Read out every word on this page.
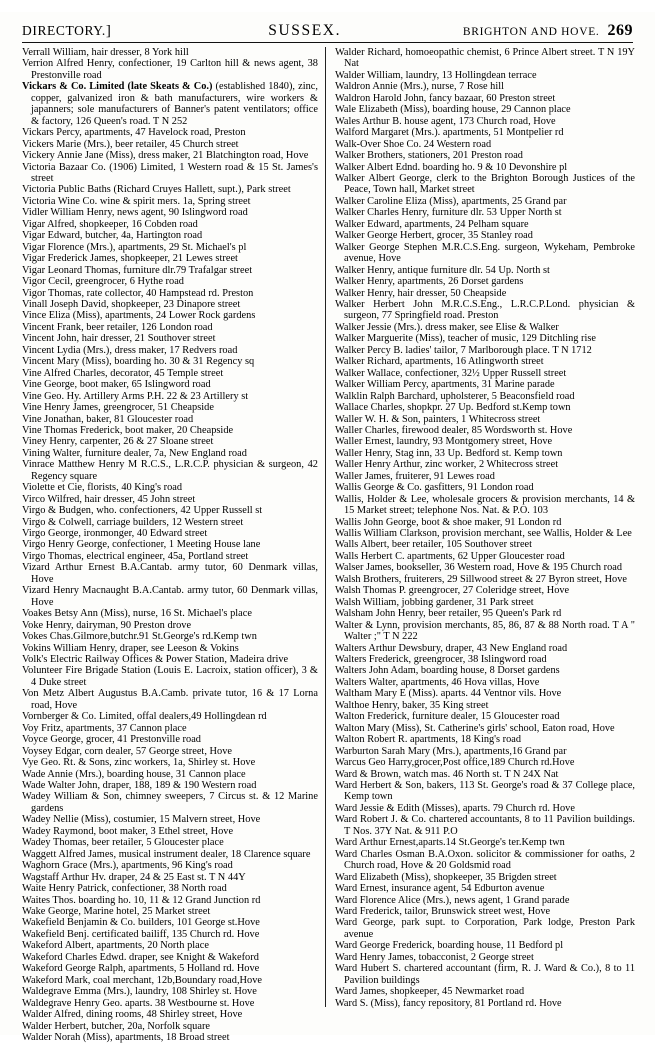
DIRECTORY.]	SUSSEX.	BRIGHTON AND HOVE. 269

Verrall William, hair dresser, 8 York hill

Verrion Alfred Henry, confectioner, 19 Carlton hill & news agent, 38 Prestonville road

Vickars & Co. Limited (late Skeats & Co.) (established 1840), zinc, copper, galvanized iron & bath manufacturers, wire workers & japanners; sole manufacturers of Banner's patent ventilators; office & factory, 126 Queen's road. T N 252

Vickars Percy, apartments, 47 Havelock road, Preston

Vickers Marie (Mrs.), beer retailer, 45 Church street

Vickery Annie Jane (Miss), dress maker, 21 Blatchington road, Hove

Victoria Bazaar Co. (1906) Limited, 1 Western road & 15 St. James's street

Victoria Public Baths (Richard Cruyes Hallett, supt.), Park street

Victoria Wine Co. wine & spirit mers. 1a, Spring street

Vidler William Henry, news agent, 90 Islingword road

Vigar Alfred, shopkeeper, 16 Cobden road

Vigar Edward, butcher, 4a, Hartington road

Vigar Florence (Mrs.), apartments, 29 St. Michael's pl

Vigar Frederick James, shopkeeper, 21 Lewes street

Vigar Leonard Thomas, furniture dlr.79 Trafalgar street

Vigor Cecil, greengrocer, 6 Hythe road

Vigor Thomas, rate collector, 40 Hampstead rd. Preston

Vinall Joseph David, shopkeeper, 23 Dinapore street

Vince Eliza (Miss), apartments, 24 Lower Rock gardens

Vincent Frank, beer retailer, 126 London road

Vincent John, hair dresser, 21 Southover street

Vincent Lydia (Mrs.), dress maker, 17 Redvers road

Vincent Mary (Miss), boarding ho. 30 & 31 Regency sq

Vine Alfred Charles, decorator, 45 Temple street

Vine George, boot maker, 65 Islingword road

Vine Geo. Hy. Artillery Arms P.H. 22 & 23 Artillery st

Vine Henry James, greengrocer, 51 Cheapside

Vine Jonathan, baker, 81 Gloucester road

Vine Thomas Frederick, boot maker, 20 Cheapside

Viney Henry, carpenter, 26 & 27 Sloane street

Vining Walter, furniture dealer, 7a, New England road

Vinrace Matthew Henry M R.C.S., L.R.C.P. physician & surgeon, 42 Regency square

Violette et Cie, florists, 40 King's road

Virco Wilfred, hair dresser, 45 John street

Virgo & Budgen, who. confectioners, 42 Upper Russell st

Virgo & Colwell, carriage builders, 12 Western street

Virgo George, ironmonger, 40 Edward street

Virgo Henry George, confectioner, 1 Meeting House lane

Virgo Thomas, electrical engineer, 45a, Portland street

Vizard Arthur Ernest B.A.Cantab. army tutor, 60 Denmark villas, Hove

Vizard Henry Macnaught B.A.Cantab. army tutor, 60 Denmark villas, Hove

Voakes Betsy Ann (Miss), nurse, 16 St. Michael's place

Voke Henry, dairyman, 90 Preston drove

Vokes Chas.Gilmore,butchr.91 St.George's rd.Kemp twn

Vokins William Henry, draper, see Leeson & Vokins

Volk's Electric Railway Offices & Power Station, Madeira drive

Volunteer Fire Brigade Station (Louis E. Lacroix, station officer), 3 & 4 Duke street

Von Metz Albert Augustus B.A.Camb. private tutor, 16 & 17 Lorna road, Hove

Vornberger & Co. Limited, offal dealers,49 Hollingdean rd

Voy Fritz, apartments, 37 Cannon place

Voyce George, grocer, 41 Prestonville road

Voysey Edgar, corn dealer, 57 George street, Hove

Vye Geo. Rt. & Sons, zinc workers, 1a, Shirley st. Hove

Wade Annie (Mrs.), boarding house, 31 Cannon place

Wade Walter John, draper, 188, 189 & 190 Western road

Wadey William & Son, chimney sweepers, 7 Circus st. & 12 Marine gardens

Wadey Nellie (Miss), costumier, 15 Malvern street, Hove

Wadey Raymond, boot maker, 3 Ethel street, Hove

Wadey Thomas, beer retailer, 5 Gloucester place

Waggett Alfred James, musical instrument dealer, 18 Clarence square

Waghorn Grace (Mrs.), apartments, 96 King's road

Wagstaff Arthur Hv. draper, 24 & 25 East st. T N 44Y

Waite Henry Patrick, confectioner, 38 North road

Waites Thos. boarding ho. 10, 11 & 12 Grand Junction rd

Wake George, Marine hotel, 25 Market street

Wakefield Benjamin & Co. builders, 101 George st.Hove

Wakefield Benj. certificated bailiff, 135 Church rd. Hove

Wakeford Albert, apartments, 20 North place

Wakeford Charles Edwd. draper, see Knight & Wakeford

Wakeford George Ralph, apartments, 5 Holland rd. Hove

Wakeford Mark, coal merchant, 12b,Boundary road,Hove

Waldegrave Emma (Mrs.), laundry, 108 Shirley st. Hove

Waldegrave Henry Geo. aparts. 38 Westbourne st. Hove

Walder Alfred, dining rooms, 48 Shirley street, Hove

Walder Herbert, butcher, 20a, Norfolk square

Walder Norah (Miss), apartments, 18 Broad street

Walder Richard, homoeopathic chemist, 6 Prince Albert street. T N 19Y Nat

Walder William, laundry, 13 Hollingdean terrace

Waldron Annie (Mrs.), nurse, 7 Rose hill

Waldron Harold John, fancy bazaar, 60 Preston street

Wale Elizabeth (Miss), boarding house, 29 Cannon place

Wales Arthur B. house agent, 173 Church road, Hove

Walford Margaret (Mrs.). apartments, 51 Montpelier rd

Walk-Over Shoe Co. 24 Western road

Walker Brothers, stationers, 201 Preston road

Walker Albert Ednd. boarding ho. 9 & 10 Devonshire pl

Walker Albert George, clerk to the Brighton Borough Justices of the Peace, Town hall, Market street

Walker Caroline Eliza (Miss), apartments, 25 Grand par

Walker Charles Henry, furniture dlr. 53 Upper North st

Walker Edward, apartments, 24 Pelham square

Walker George Herbert, grocer, 35 Stanley road

Walker George Stephen M.R.C.S.Eng. surgeon, Wykeham, Pembroke avenue, Hove

Walker Henry, antique furniture dlr. 54 Up. North st

Walker Henry, apartments, 26 Dorset gardens

Walker Henry, hair dresser, 50 Cheapside

Walker Herbert John M.R.C.S.Eng., L.R.C.P.Lond. physician & surgeon, 77 Springfield road. Preston

Walker Jessie (Mrs.). dress maker, see Elise & Walker

Walker Marguerite (Miss), teacher of music, 129 Ditchling rise

Walker Percy B. ladies' tailor, 7 Marlborough place. T N 1712

Walker Richard, apartments, 16 Atlingworth street

Walker Wallace, confectioner, 32½ Upper Russell street

Walker William Percy, apartments, 31 Marine parade

Walklin Ralph Barchard, upholsterer, 5 Beaconsfield road

Wallace Charles, shopkpr. 27 Up. Bedford st.Kemp town

Waller W. H. & Son, painters, 1 Whitecross street

Waller Charles, firewood dealer, 85 Wordsworth st. Hove

Waller Ernest, laundry, 93 Montgomery street, Hove

Waller Henry, Stag inn, 33 Up. Bedford st. Kemp town

Waller Henry Arthur, zinc worker, 2 Whitecross street

Waller James, fruiterer, 91 Lewes road

Wallis George & Co. gasfitters, 91 London road

Wallis, Holder & Lee, wholesale grocers & provision merchants, 14 & 15 Market street; telephone Nos. Nat. & P.O. 103

Wallis John George, boot & shoe maker, 91 London rd

Wallis William Clarkson, provision merchant, see Wallis, Holder & Lee

Walls Albert, beer retailer, 105 Southover street

Walls Herbert C. apartments, 62 Upper Gloucester road

Walser James, bookseller, 36 Western road, Hove & 195 Church road

Walsh Brothers, fruiterers, 29 Sillwood street & 27 Byron street, Hove

Walsh Thomas P. greengrocer, 27 Coleridge street, Hove

Walsh William, jobbing gardener, 31 Park street

Walsham John Henry, beer retailer, 95 Queen's Park rd

Walter & Lynn, provision merchants, 85, 86, 87 & 88 North road. T A " Walter ;" T N 222

Walters Arthur Dewsbury, draper, 43 New England road

Walters Frederick, greengrocer, 38 Islingword road

Walters John Adam, boarding house, 8 Dorset gardens

Walters Walter, apartments, 46 Hova villas, Hove

Waltham Mary E (Miss). aparts. 44 Ventnor vils. Hove

Walthoe Henry, baker, 35 King street

Walton Frederick, furniture dealer, 15 Gloucester road

Walton Mary (Miss), St. Catherine's girls' school, Eaton road, Hove

Walton Robert R. apartments, 18 King's road

Warburton Sarah Mary (Mrs.), apartments,16 Grand par

Warcus Geo Harry,grocer,Post office,189 Church rd.Hove

Ward & Brown, watch mas. 46 North st. T N 24X Nat

Ward Herbert & Son, bakers, 113 St. George's road & 37 College place, Kemp town

Ward Jessie & Edith (Misses), aparts. 79 Church rd. Hove

Ward Robert J. & Co. chartered accountants, 8 to 11 Pavilion buildings. T Nos. 37Y Nat. & 911 P.O

Ward Arthur Ernest,aparts.14 St.George's ter.Kemp twn

Ward Charles Osman B.A.Oxon. solicitor & commissioner for oaths, 2 Church road, Hove & 20 Goldsmid road

Ward Elizabeth (Miss), shopkeeper, 35 Brigden street

Ward Ernest, insurance agent, 54 Edburton avenue

Ward Florence Alice (Mrs.), news agent, 1 Grand parade

Ward Frederick, tailor, Brunswick street west, Hove

Ward George, park supt. to Corporation, Park lodge, Preston Park avenue

Ward George Frederick, boarding house, 11 Bedford pl

Ward Henry James, tobacconist, 2 George street

Ward Hubert S. chartered accountant (firm, R. J. Ward & Co.), 8 to 11 Pavilion buildings

Ward James, shopkeeper, 45 Newmarket road

Ward S. (Miss), fancy repository, 81 Portland rd. Hove
